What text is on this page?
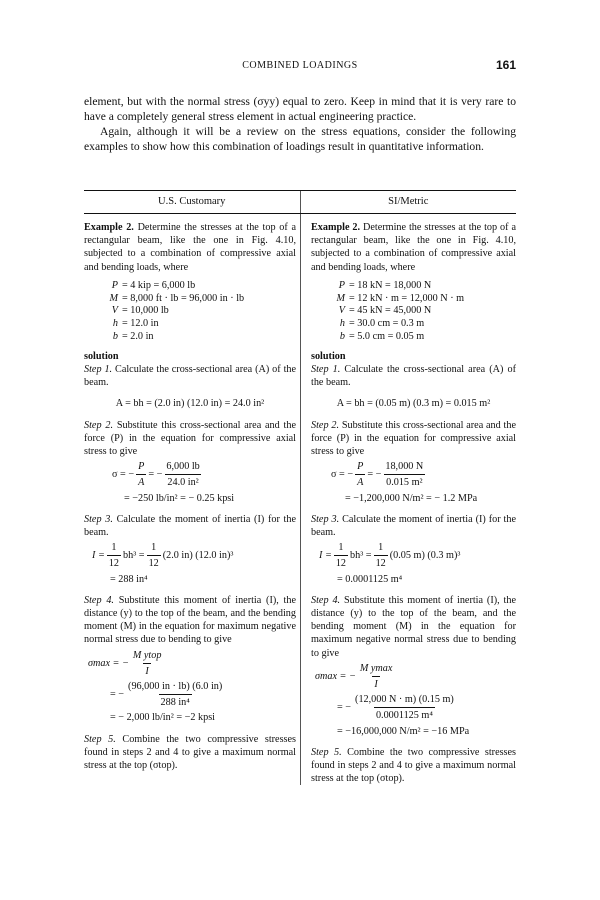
COMBINED LOADINGS	161

element, but with the normal stress (σyy) equal to zero. Keep in mind that it is very rare to have a completely general stress element in actual engineering practice.

Again, although it will be a review on the stress equations, consider the following examples to show how this combination of loadings result in quantitative information.

U.S. Customary	SI/Metric

Example 2. Determine the stresses at the top of a rectangular beam, like the one in Fig. 4.10, subjected to a combination of compressive axial and bending loads, where

P = 4 kip = 6,000 lb
M = 8,000 ft · lb = 96,000 in · lb
V = 10,000 lb
h = 12.0 in
b = 2.0 in

solution

Step 1. Calculate the cross-sectional area (A) of the beam.

A = bh = (2.0 in) (12.0 in) = 24.0 in²

Step 2. Substitute this cross-sectional area and the force (P) in the equation for compressive axial stress to give

σ = − $\frac{P}{A}$ = − $\frac{6,000 lb}{\text{24.0 in²}}$
= −250 lb/in² = − 0.25 kpsi

Step 3. Calculate the moment of inertia (I) for the beam.

$I = \frac{1}{12} bh^3 = \frac{1}{12} (2.0$ in) (12.0 in)³
= 288 in⁴

Step 4. Substitute this moment of inertia (I), the distance (y) to the top of the beam, and the bending moment (M) in the equation for maximum negative normal stress due to bending to give

σmax = − $\frac{\text{M ytop}}{I}$
= − $\frac{(96,000 in \cdot lb) (6.0 in)}{\text{288 in⁴}}$
= − 2,000 lb/in² = −2 kpsi

Step 5. Combine the two compressive stresses found in steps 2 and 4 to give a maximum normal stress at the top (σtop).

Example 2. Determine the stresses at the top of a rectangular beam, like the one in Fig. 4.10, subjected to a combination of compressive axial and bending loads, where

P = 18 kN = 18,000 N
M = 12 kN · m = 12,000 N · m
V = 45 kN = 45,000 N
h = 30.0 cm = 0.3 m
b = 5.0 cm = 0.05 m

solution

Step 1. Calculate the cross-sectional area (A) of the beam.

A = bh = (0.05 m) (0.3 m) = 0.015 m²

Step 2. Substitute this cross-sectional area and the force (P) in the equation for compressive axial stress to give

σ = − $\frac{P}{A}$ = − $\frac{18,000 N}{\text{0.015 m²}}$
= −1,200,000 N/m² = − 1.2 MPa

Step 3. Calculate the moment of inertia (I) for the beam.

$I = \frac{1}{12} bh^3 = \frac{1}{12} (0.05$ m) (0.3 m)³
= 0.0001125 m⁴

Step 4. Substitute this moment of inertia (I), the distance (y) to the top of the beam, and the bending moment (M) in the equation for maximum negative normal stress due to bending to give

σmax = − $\frac{\text{M ymax}}{I}$
= − $\frac{(12,000 N \cdot m) (0.15 m)}{\text{0.0001125 m⁴}}$
= −16,000,000 N/m² = −16 MPa

Step 5. Combine the two compressive stresses found in steps 2 and 4 to give a maximum normal stress at the top (σtop).
